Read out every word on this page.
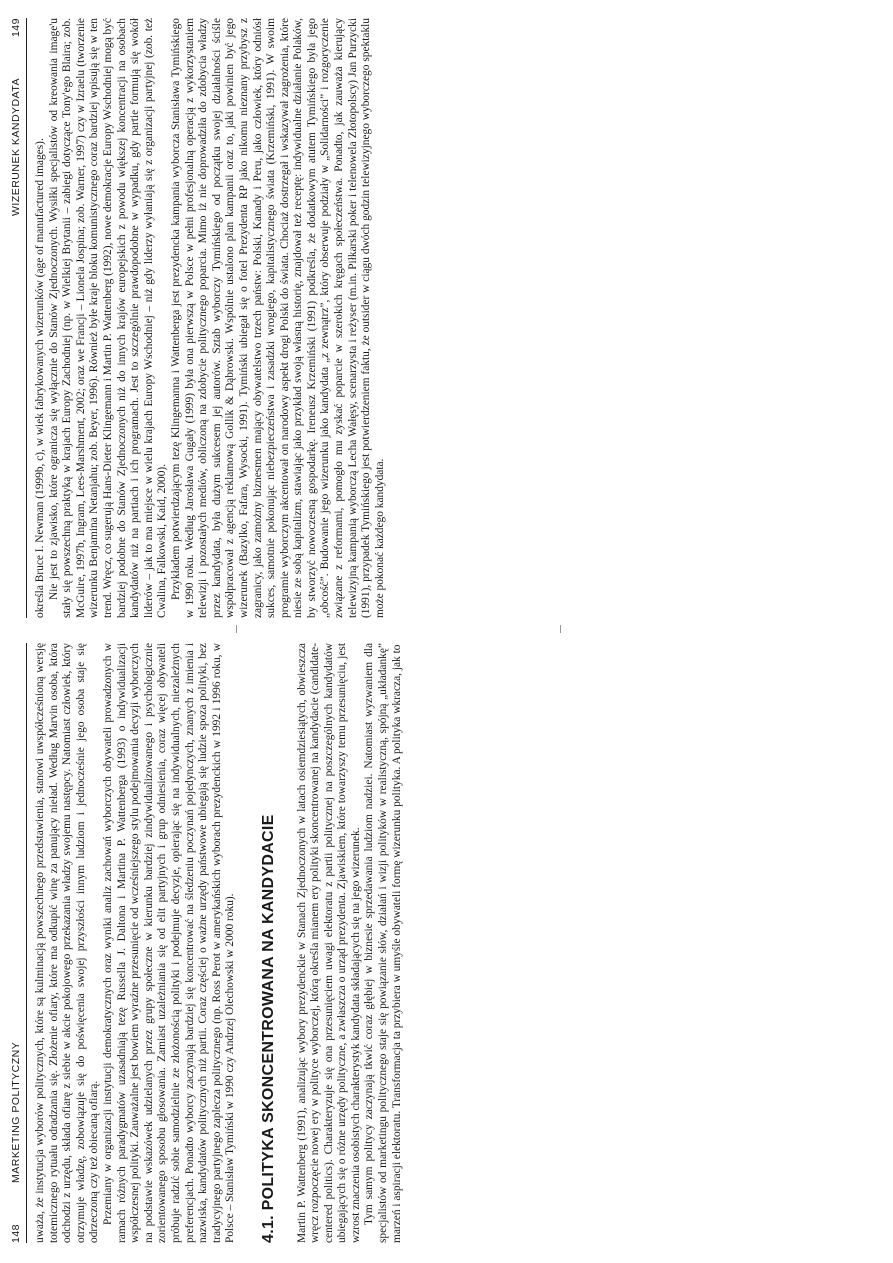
148
MARKETING POLITYCZNY uważa, że instytucja wyborów politycznych, które są kulminacją powszechnego przedstawienia, stanowi uwspółcześnioną wersję totemicznego rytuału odradzania się. Złożenie ofiary, które ma odkupić winę za panujący nieład. Według Marvin osoba, która odchodzi z urzędu, składa ofiarę z siebie w akcie pokojowego przekazania władzy swojemu następcy. Natomiast człowiek, który otrzymuje władzę, zobowiązuje się do poświęcenia swojej przyszłości innym ludziom i jednocześnie jego osoba staje się odrzeczoną czy też obiecaną ofiarą. Przemiany w organizacji instytucji demokratycznych oraz wyniki analiz zachowań wyborczych obywateli prowadzonych w ramach różnych paradygmatów uzasadniają tezę Russella J. Daltona i Martina P. Wattenberga (1993) o indywidualizacji współczesnej polityki. Zauważalne jest bowiem wyraźne przesunięcie od wcześniejszego stylu podejmowania decyzji wyborczych na podstawie wskazówek udzielanych przez grupy społeczne w kierunku bardziej zindywidualizowanego i psychologicznie zorientowanego sposobu głosowania. Zamiast uzależniania się od elit partyjnych i grup odniesienia, coraz więcej obywateli próbuje radzić sobie samodzielnie ze złożonością polityki i podejmuje decyzje, opierając się na indywidualnych, niezależnych preferencjach. Ponadto wyborcy zaczynają bardziej się koncentrować na śledzeniu poczynań pojedynczych, znanych z imienia i nazwiska, kandydatów politycznych niż partii. Coraz częściej o ważne urzędy państwowe ubiegają się ludzie spoza polityki, bez tradycyjnego partyjnego zaplecza politycznego (np. Ross Perot w amerykańskich wyborach prezydenckich w 1992 i 1996 roku, w Polsce – Stanisław Tymiński w 1990 czy Andrzej Olechowski w 2000 roku). 4.1. POLITYKA SKONCENTROWANA NA KANDYDACIE Martin P. Wattenberg (1991), analizując wybory prezydenckie w Stanach Zjednoczonych w latach osiemdziesiątych, obwieszcza wręcz rozpoczęcie nowej ery w polityce wyborczej, którą określa mianem ery polityki skoncentrowanej na kandydacie (candidate-centered politics). Charakteryzuje się ona przesunięciem uwagi elektoratu z partii politycznej na poszczególnych kandydatów ubiegających się o różne urzędy polityczne, a zwłaszcza o urząd prezydenta. Zjawiskiem, które towarzyszy temu przesunięciu, jest wzrost znaczenia osobistych charakterystyk kandydata składających się na jego wizerunek. Tym samym politycy zaczynają tkwić coraz głębiej w biznesie sprzedawania ludziom nadziei. Natomiast wyzwaniem dla specjalistów od marketingu politycznego staje się powiązanie słów, działań i wizji polityków w realistyczną, spójną „układankę” marzeń i aspiracji elektoratu. Transformacja ta przybiera w umyśle obywateli formę wizerunku polityka. A polityka wkracza, jak to

WIZERUNEK KANDYDATA
149

określa Bruce I. Newman (1999b, c), w wiek fabrykowanych wizerunków (age of manufactured images). Nie jest to zjawisko, które ogranicza się wyłącznie do Stanów Zjednoczonych. Wysiłki specjalistów od kreowania image'u stały się powszechną praktyką w krajach Europy Zachodniej (np. w Wielkiej Brytanii – zabiegi dotyczące Tony'ego Blaira; zob. McGuire, 1997b, Ingram, Lees-Marshment, 2002; oraz we Francji – Lionela Jospina; zob. Warner, 1997) czy w Izraelu (tworzenie wizerunku Benjamina Netanjahu; zob. Beyer, 1996). Również byłe kraje bloku komunistycznego coraz bardziej wpisują się w ten trend. Wręcz, co sugerują Hans-Dieter Klingemann i Martin P. Wattenberg (1992), nowe demokracje Europy Wschodniej mogą być bardziej podobne do Stanów Zjednoczonych niż do innych krajów europejskich z powodu większej koncentracji na osobach kandydatów niż na partiach i ich programach. Jest to szczególnie prawdopodobne w wypadku, gdy partie formują się wokół liderów – jak to ma miejsce w wielu krajach Europy Wschodniej – niż gdy liderzy wyłaniają się z organizacji partyjnej (zob. też Cwalina, Falkowski, Kaid, 2000). Przykładem potwierdzającym tezę Klingemanna i Wattenberga jest prezydencka kampania wyborcza Stanisława Tymińskiego w 1990 roku. Według Jarosława Gugały (1999) była ona pierwszą w Polsce w pełni profesjonalną operacją z wykorzystaniem telewizji i pozostałych mediów, obliczoną na zdobycie politycznego poparcia. Mimo iż nie doprowadziła do zdobycia władzy przez kandydata, była dużym sukcesem jej autorów. Sztab wyborczy Tymińskiego od początku swojej działalności ściśle współpracował z agencją reklamową Gollik & Dąbrowski. Wspólnie ustalono plan kampanii oraz to, jaki powinien być jego wizerunek (Bazylko, Fafara, Wysocki, 1991). Tymiński ubiegał się o fotel Prezydenta RP jako nikomu nieznany przybysz z zagranicy, jako zamożny biznesmen mający obywatelstwo trzech państw: Polski, Kanady i Peru, jako człowiek, który odniósł sukces, samotnie pokonując niebezpieczeństwa i zasadzki wrogiego, kapitalistycznego świata (Krzemiński, 1991). W swoim programie wyborczym akcentował on narodowy aspekt drogi Polski do świata. Chociaż dostrzegał i wskazywał zagrożenia, które niesie ze sobą kapitalizm, stawiając jako przykład swoją własną historię, znajdował też receptę: indywidualne działanie Polaków, by stworzyć nowoczesną gospodarkę. Ireneusz Krzemiński (1991) podkreśla, że dodatkowym atutem Tymińskiego była jego „obcość”. Budowanie jego wizerunku jako kandydata „z zewnątrz”, który obserwuje podziały w „Solidarności” i rozgoryczenie związane z reformami, pomogło mu zyskać poparcie w szerokich kręgach społeczeństwa. Ponadto, jak zauważa kierujący telewizyjną kampanią wyborczą Lecha Wałęsy, scenarzysta i reżyser (m.in. Piłkarski poker i telenowela Złotopolscy) Jan Purzycki (1991), przypadek Tymińskiego jest potwierdzeniem faktu, że outsider w ciągu dwóch godzin telewizyjnego wyborczego spektaklu może pokonać każdego kandydata.
